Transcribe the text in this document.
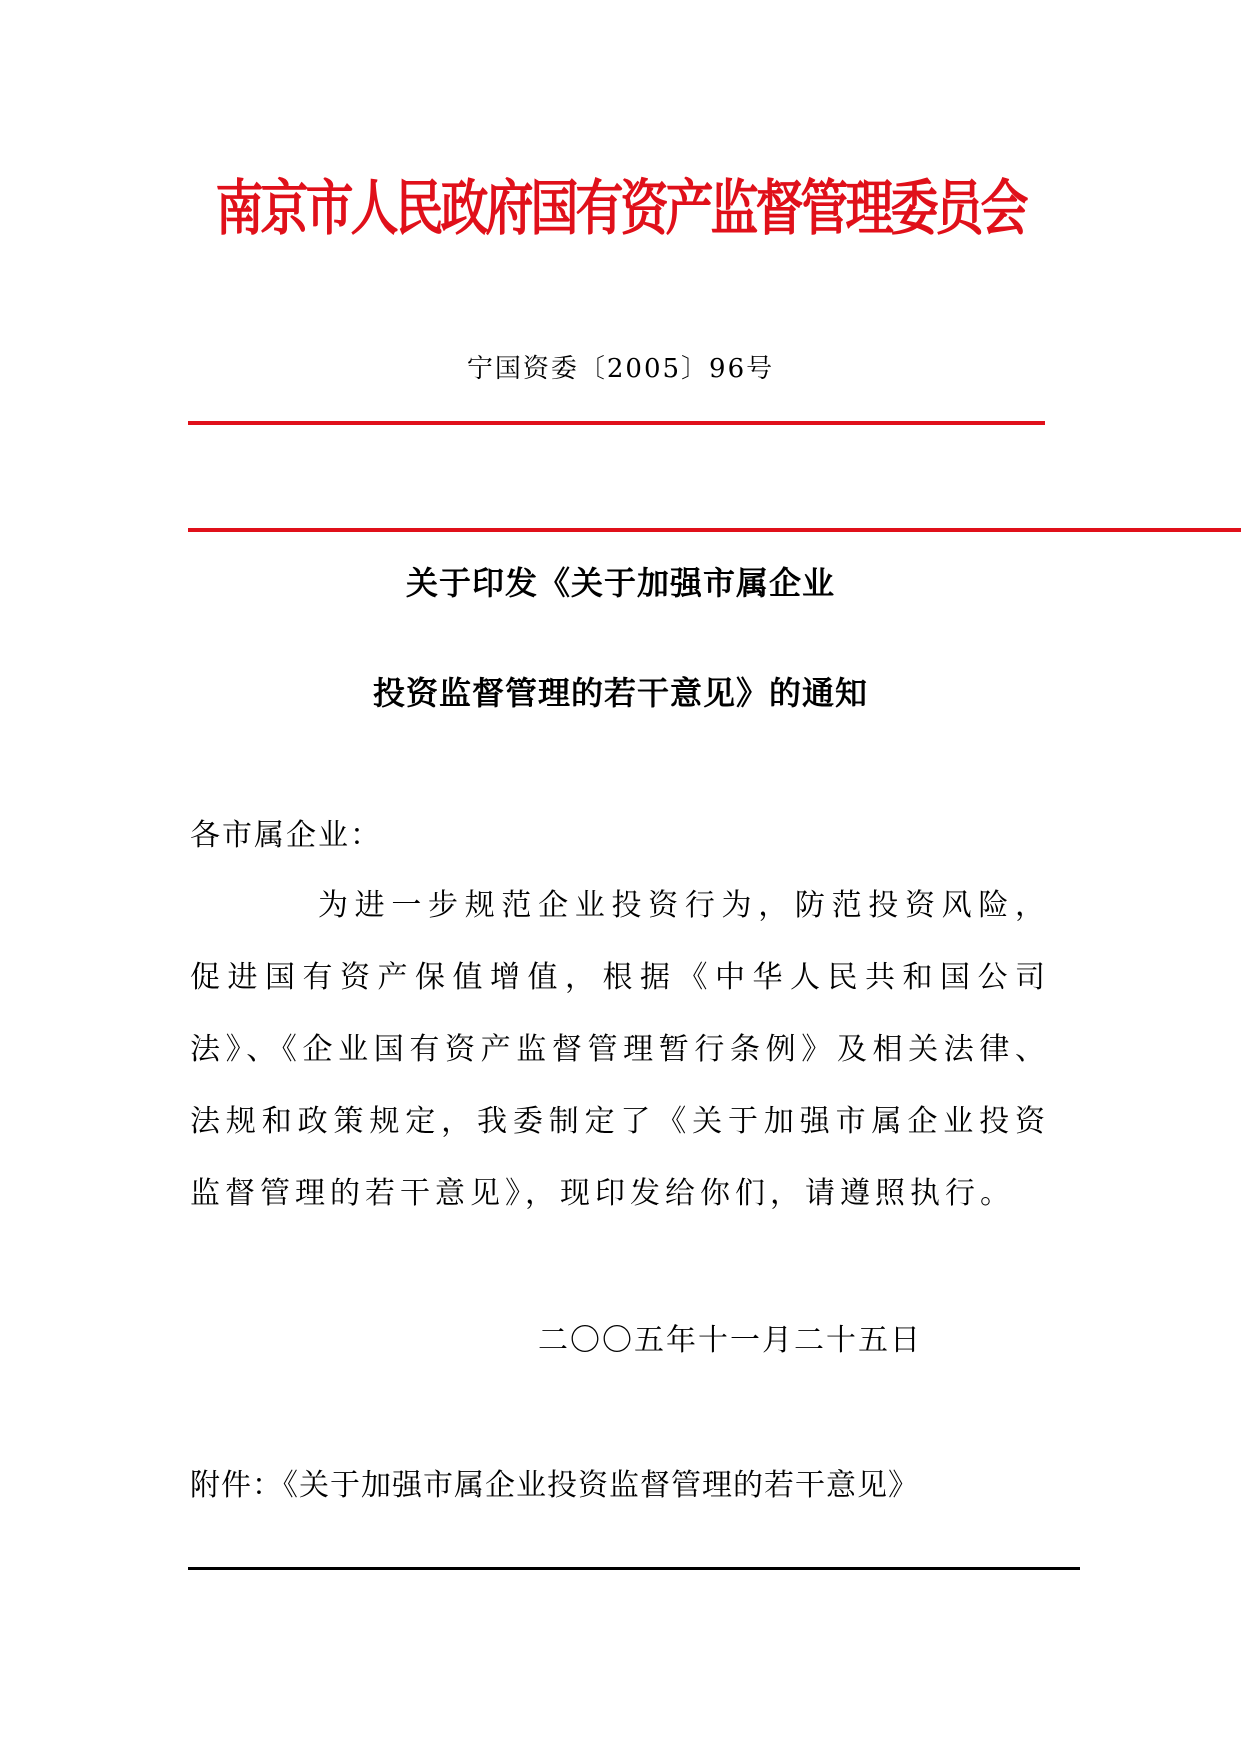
南京市人民政府国有资产监督管理委员会
宁国资委〔2005〕96号
关于印发《关于加强市属企业
投资监督管理的若干意见》的通知
各市属企业：
为进一步规范企业投资行为，防范投资风险，促进国有资产保值增值，根据《中华人民共和国公司法》、《企业国有资产监督管理暂行条例》及相关法律、法规和政策规定，我委制定了《关于加强市属企业投资监督管理的若干意见》，现印发给你们，请遵照执行。
二〇〇五年十一月二十五日
附件：《关于加强市属企业投资监督管理的若干意见》
